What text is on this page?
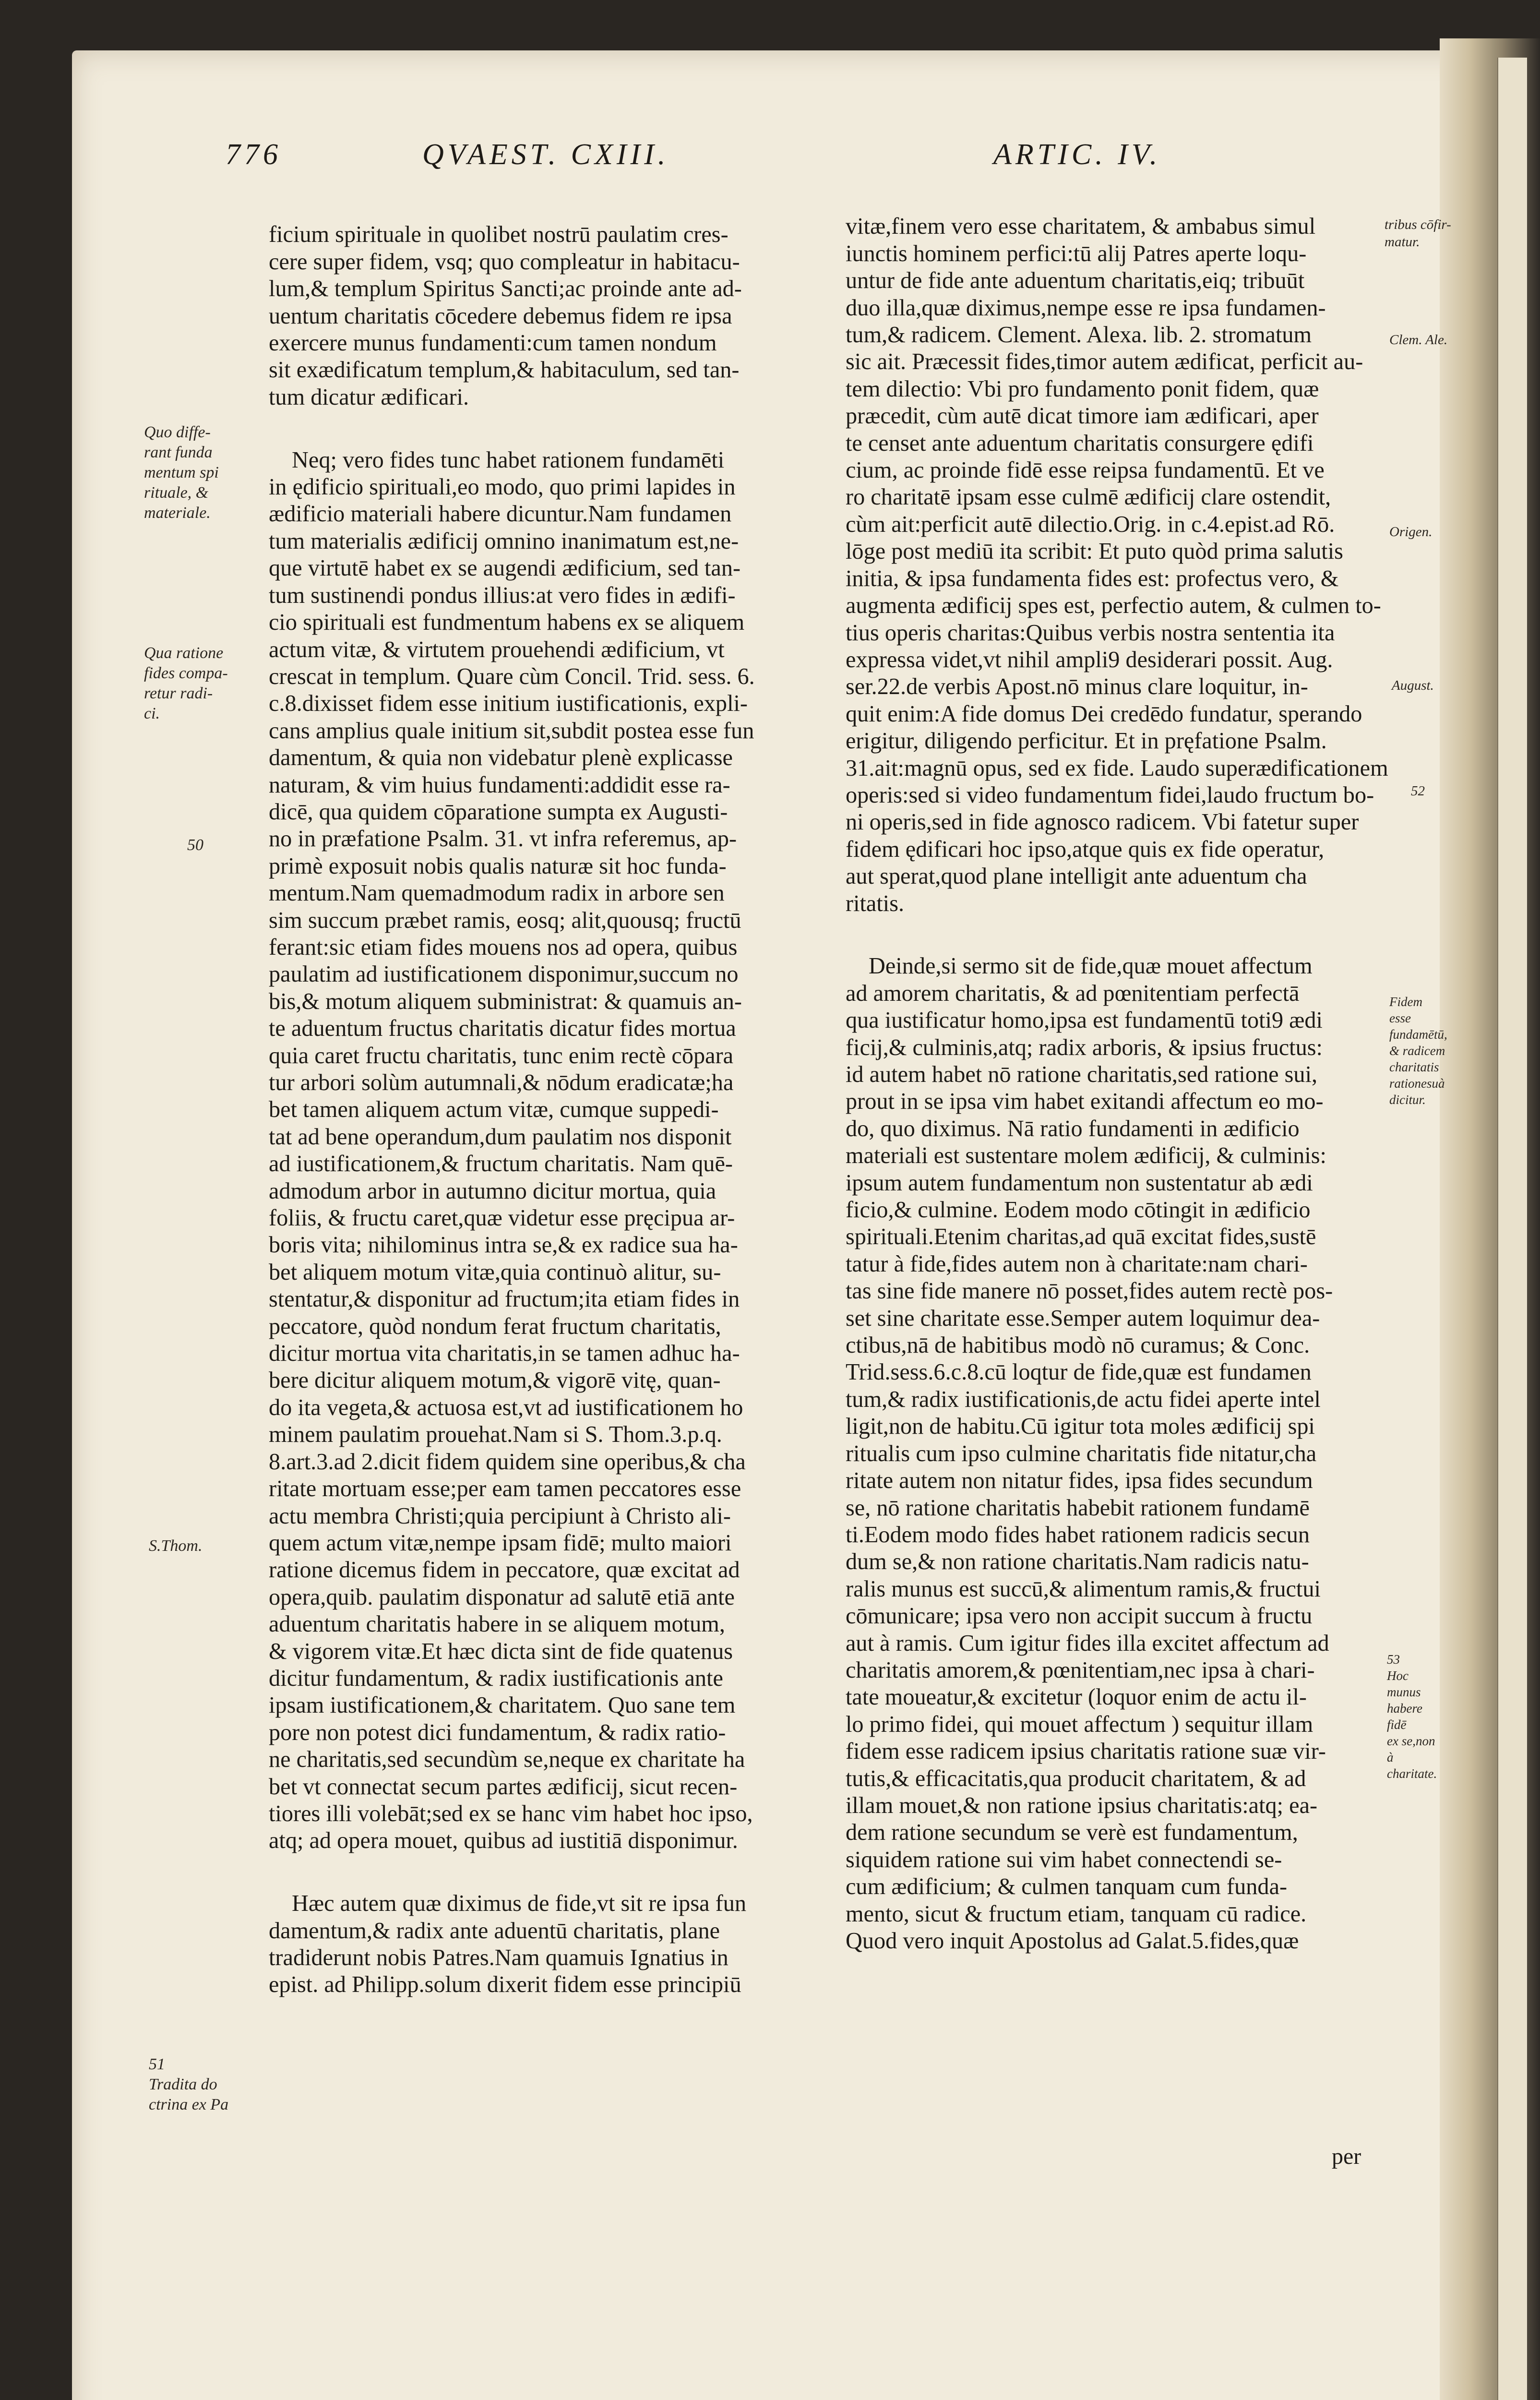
776	QVAEST. CXIII.	ARTIC. IV.

ficium spirituale in quolibet nostrū paulatim cres-
cere super fidem, vsq; quo compleatur in habitacu-
lum,& templum Spiritus Sancti;ac proinde ante ad-
uentum charitatis cōcedere debemus fidem re ipsa
exercere munus fundamenti:cum tamen nondum
sit exædificatum templum,& habitaculum, sed tan-
tum dicatur ædificari.

Neq; vero fides tunc habet rationem fundamēti
in ędificio spirituali,eo modo, quo primi lapides in
ædificio materiali habere dicuntur.Nam fundamen
tum materialis ædificij omnino inanimatum est,ne-
que virtutē habet ex se augendi ædificium, sed tan-
tum sustinendi pondus illius:at vero fides in ædifi-
cio spirituali est fundmentum habens ex se aliquem
actum vitæ, & virtutem prouehendi ædificium, vt
crescat in templum. Quare cùm Concil. Trid. sess. 6.
c.8.dixisset fidem esse initium iustificationis, expli-
cans amplius quale initium sit,subdit postea esse fun
damentum, & quia non videbatur plenè explicasse
naturam, & vim huius fundamenti:addidit esse ra-
dicē, qua quidem cōparatione sumpta ex Augusti-
no in præfatione Psalm. 31. vt infra referemus, ap-
primè exposuit nobis qualis naturæ sit hoc funda-
mentum.Nam quemadmodum radix in arbore sen
sim succum præbet ramis, eosq; alit,quousq; fructū
ferant:sic etiam fides mouens nos ad opera, quibus
paulatim ad iustificationem disponimur,succum no
bis,& motum aliquem subministrat: & quamuis an-
te aduentum fructus charitatis dicatur fides mortua
quia caret fructu charitatis, tunc enim rectè cōpara
tur arbori solùm autumnali,& nōdum eradicatæ;ha
bet tamen aliquem actum vitæ, cumque suppedi-
tat ad bene operandum,dum paulatim nos disponit
ad iustificationem,& fructum charitatis. Nam quē-
admodum arbor in autumno dicitur mortua, quia
foliis, & fructu caret,quæ videtur esse pręcipua ar-
boris vita; nihilominus intra se,& ex radice sua ha-
bet aliquem motum vitæ,quia continuò alitur, su-
stentatur,& disponitur ad fructum;ita etiam fides in
peccatore, quòd nondum ferat fructum charitatis,
dicitur mortua vita charitatis,in se tamen adhuc ha-
bere dicitur aliquem motum,& vigorē vitę, quan-
do ita vegeta,& actuosa est,vt ad iustificationem ho
minem paulatim prouehat.Nam si S. Thom.3.p.q.
8.art.3.ad 2.dicit fidem quidem sine operibus,& cha
ritate mortuam esse;per eam tamen peccatores esse
actu membra Christi;quia percipiunt à Christo ali-
quem actum vitæ,nempe ipsam fidē; multo maiori
ratione dicemus fidem in peccatore, quæ excitat ad
opera,quib. paulatim disponatur ad salutē etiā ante
aduentum charitatis habere in se aliquem motum,
& vigorem vitæ.Et hæc dicta sint de fide quatenus
dicitur fundamentum, & radix iustificationis ante
ipsam iustificationem,& charitatem. Quo sane tem
pore non potest dici fundamentum, & radix ratio-
ne charitatis,sed secundùm se,neque ex charitate ha
bet vt connectat secum partes ædificij, sicut recen-
tiores illi volebāt;sed ex se hanc vim habet hoc ipso,
atq; ad opera mouet, quibus ad iustitiā disponimur.

Hæc autem quæ diximus de fide,vt sit re ipsa fun
damentum,& radix ante aduentū charitatis, plane
tradiderunt nobis Patres.Nam quamuis Ignatius in
epist. ad Philipp.solum dixerit fidem esse principiū

vitæ,finem vero esse charitatem, & ambabus simul
iunctis hominem perfici:tū alij Patres aperte loqu-
untur de fide ante aduentum charitatis,eiq; tribuūt
duo illa,quæ diximus,nempe esse re ipsa fundamen-
tum,& radicem. Clement. Alexa. lib. 2. stromatum
sic ait. Præcessit fides,timor autem ædificat, perficit au-
tem dilectio: Vbi pro fundamento ponit fidem, quæ
præcedit, cùm autē dicat timore iam ædificari, aper
te censet ante aduentum charitatis consurgere ędifi
cium, ac proinde fidē esse reipsa fundamentū. Et ve
ro charitatē ipsam esse culmē ædificij clare ostendit,
cùm ait:perficit autē dilectio.Orig. in c.4.epist.ad Rō.
lōge post mediū ita scribit: Et puto quòd prima salutis
initia, & ipsa fundamenta fides est: profectus vero, &
augmenta ædificij spes est, perfectio autem, & culmen to-
tius operis charitas:Quibus verbis nostra sententia ita
expressa videt,vt nihil ampli9 desiderari possit. Aug.
ser.22.de verbis Apost.nō minus clare loquitur, in-
quit enim:A fide domus Dei credēdo fundatur, sperando
erigitur, diligendo perficitur. Et in pręfatione Psalm.
31.ait:magnū opus, sed ex fide. Laudo superædificationem
operis:sed si video fundamentum fidei,laudo fructum bo-
ni operis,sed in fide agnosco radicem. Vbi fatetur super
fidem ędificari hoc ipso,atque quis ex fide operatur,
aut sperat,quod plane intelligit ante aduentum cha
ritatis.

Deinde,si sermo sit de fide,quæ mouet affectum
ad amorem charitatis, & ad pœnitentiam perfectā
qua iustificatur homo,ipsa est fundamentū toti9 ædi
ficij,& culminis,atq; radix arboris, & ipsius fructus:
id autem habet nō ratione charitatis,sed ratione sui,
prout in se ipsa vim habet exitandi affectum eo mo-
do, quo diximus. Nā ratio fundamenti in ædificio
materiali est sustentare molem ædificij, & culminis:
ipsum autem fundamentum non sustentatur ab ædi
ficio,& culmine. Eodem modo cōtingit in ædificio
spirituali.Etenim charitas,ad quā excitat fides,sustē
tatur à fide,fides autem non à charitate:nam chari-
tas sine fide manere nō posset,fides autem rectè pos-
set sine charitate esse.Semper autem loquimur dea-
ctibus,nā de habitibus modò nō curamus; & Conc.
Trid.sess.6.c.8.cū loqtur de fide,quæ est fundamen
tum,& radix iustificationis,de actu fidei aperte intel
ligit,non de habitu.Cū igitur tota moles ædificij spi
ritualis cum ipso culmine charitatis fide nitatur,cha
ritate autem non nitatur fides, ipsa fides secundum
se, nō ratione charitatis habebit rationem fundamē
ti.Eodem modo fides habet rationem radicis secun
dum se,& non ratione charitatis.Nam radicis natu-
ralis munus est succū,& alimentum ramis,& fructui
cōmunicare; ipsa vero non accipit succum à fructu
aut à ramis. Cum igitur fides illa excitet affectum ad
charitatis amorem,& pœnitentiam,nec ipsa à chari-
tate moueatur,& excitetur (loquor enim de actu il-
lo primo fidei, qui mouet affectum ) sequitur illam
fidem esse radicem ipsius charitatis ratione suæ vir-
tutis,& efficacitatis,qua producit charitatem, & ad
illam mouet,& non ratione ipsius charitatis:atq; ea-
dem ratione secundum se verè est fundamentum,
siquidem ratione sui vim habet connectendi se-
cum ædificium; & culmen tanquam cum funda-
mento, sicut & fructum etiam, tanquam cū radice.
Quod vero inquit Apostolus ad Galat.5.fides,quæ

per
Quo diffe-
rant funda
mentum spi
rituale, &
materiale.
Qua ratione
fides compa-
retur radi-
ci.
50
S.Thom.
51
Tradita do
ctrina ex Pa
tribus cōfir-
matur.
Clem. Ale.
Origen.
August.
52
Fidem esse
fundamētū,
& radicem
charitatis
rationesuà
dicitur.
53
Hoc munus
habere fidē
ex se,non à
charitate.
